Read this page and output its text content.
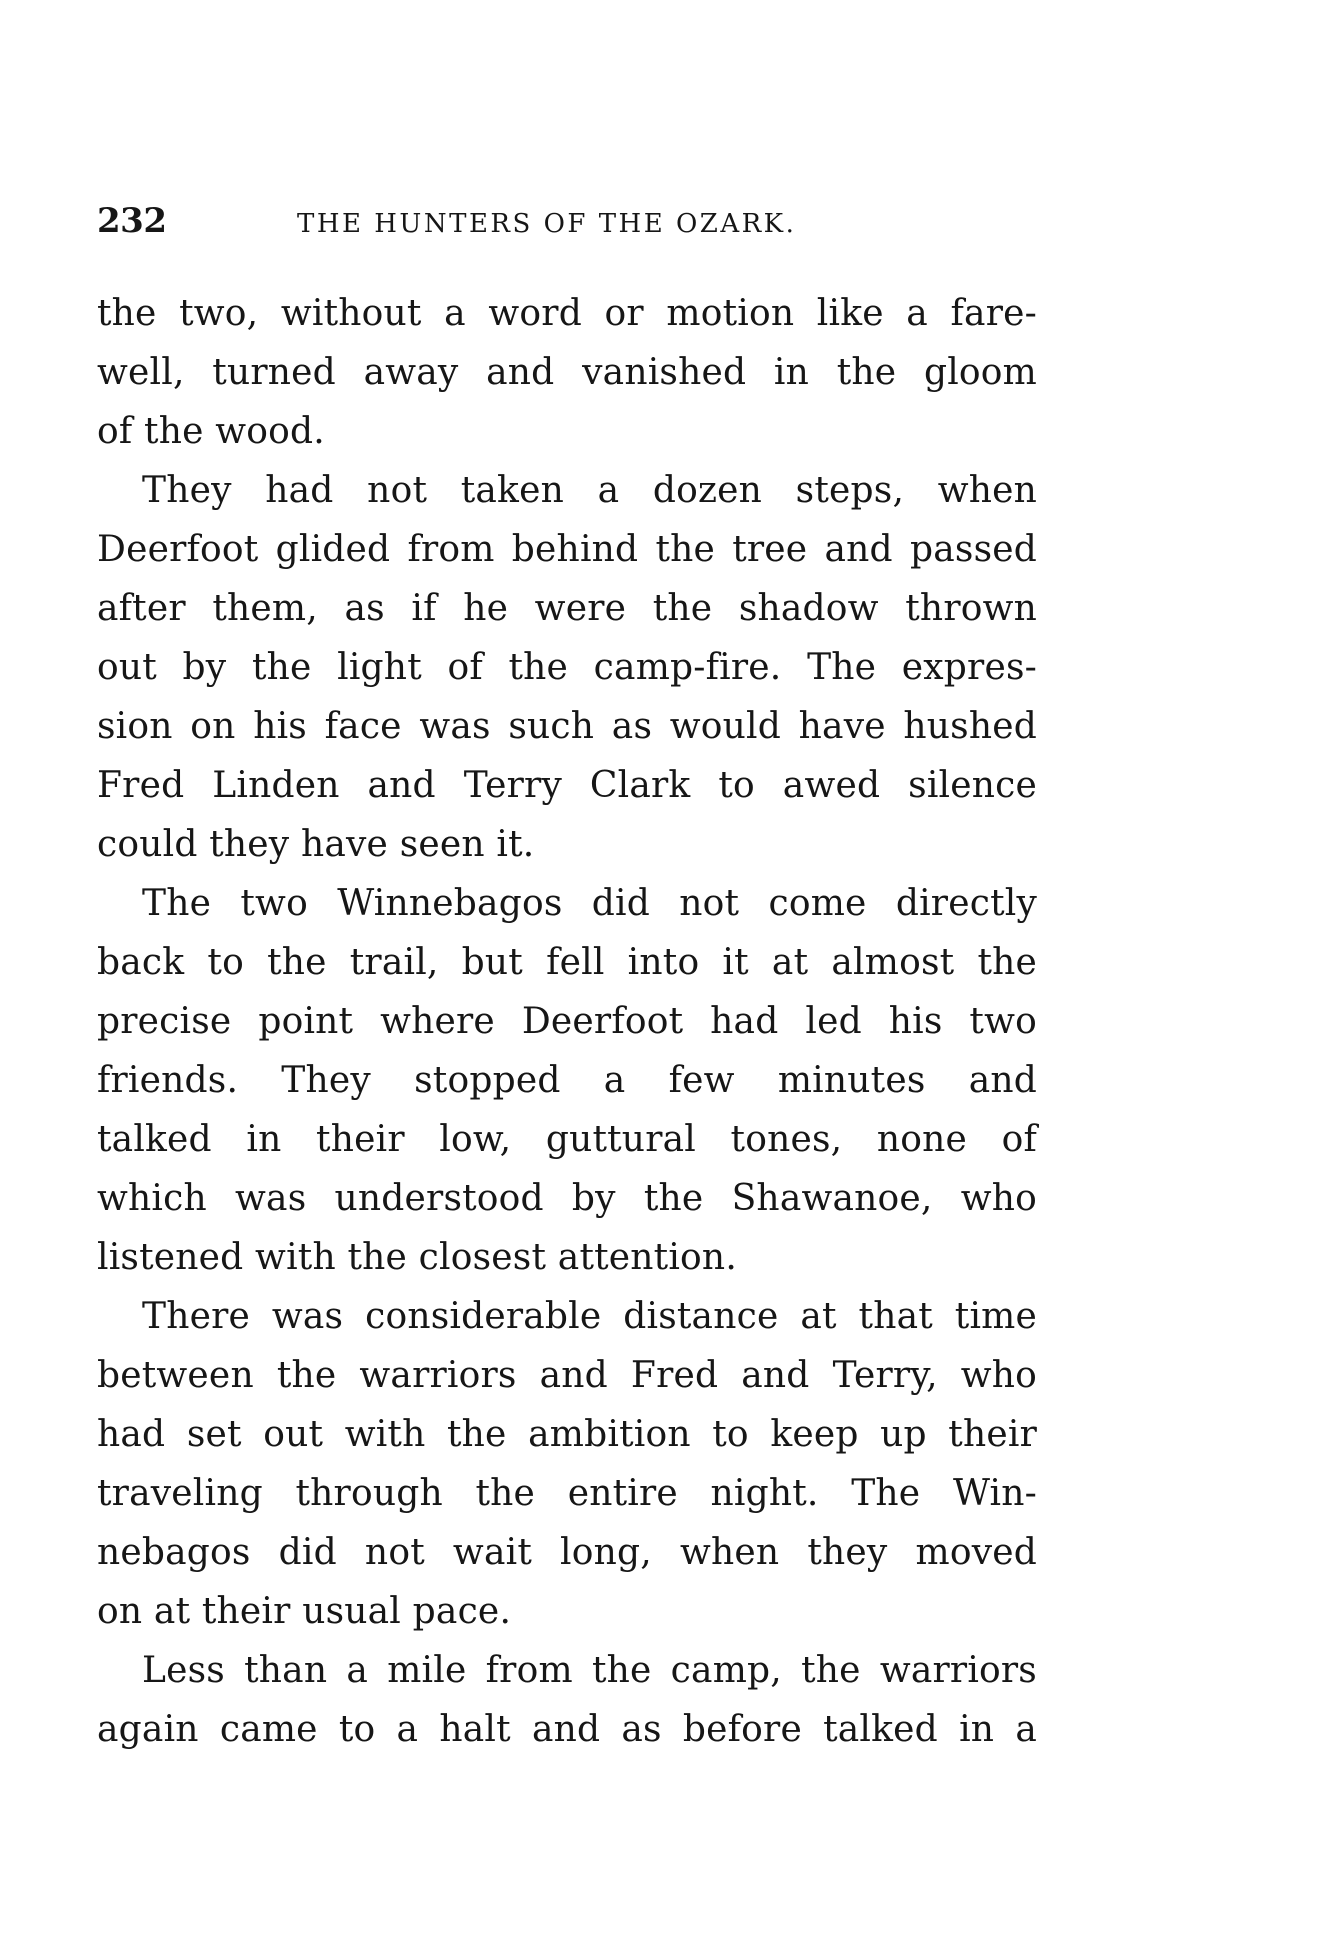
232	THE HUNTERS OF THE OZARK.
the two, without a word or motion like a fare-
well, turned away and vanished in the gloom
of the wood.
They had not taken a dozen steps, when
Deerfoot glided from behind the tree and passed
after them, as if he were the shadow thrown
out by the light of the camp-fire. The expres-
sion on his face was such as would have hushed
Fred Linden and Terry Clark to awed silence
could they have seen it.
The two Winnebagos did not come directly
back to the trail, but fell into it at almost the
precise point where Deerfoot had led his two
friends. They stopped a few minutes and
talked in their low, guttural tones, none of
which was understood by the Shawanoe, who
listened with the closest attention.
There was considerable distance at that time
between the warriors and Fred and Terry, who
had set out with the ambition to keep up their
traveling through the entire night. The Win-
nebagos did not wait long, when they moved
on at their usual pace.
Less than a mile from the camp, the warriors
again came to a halt and as before talked in a
